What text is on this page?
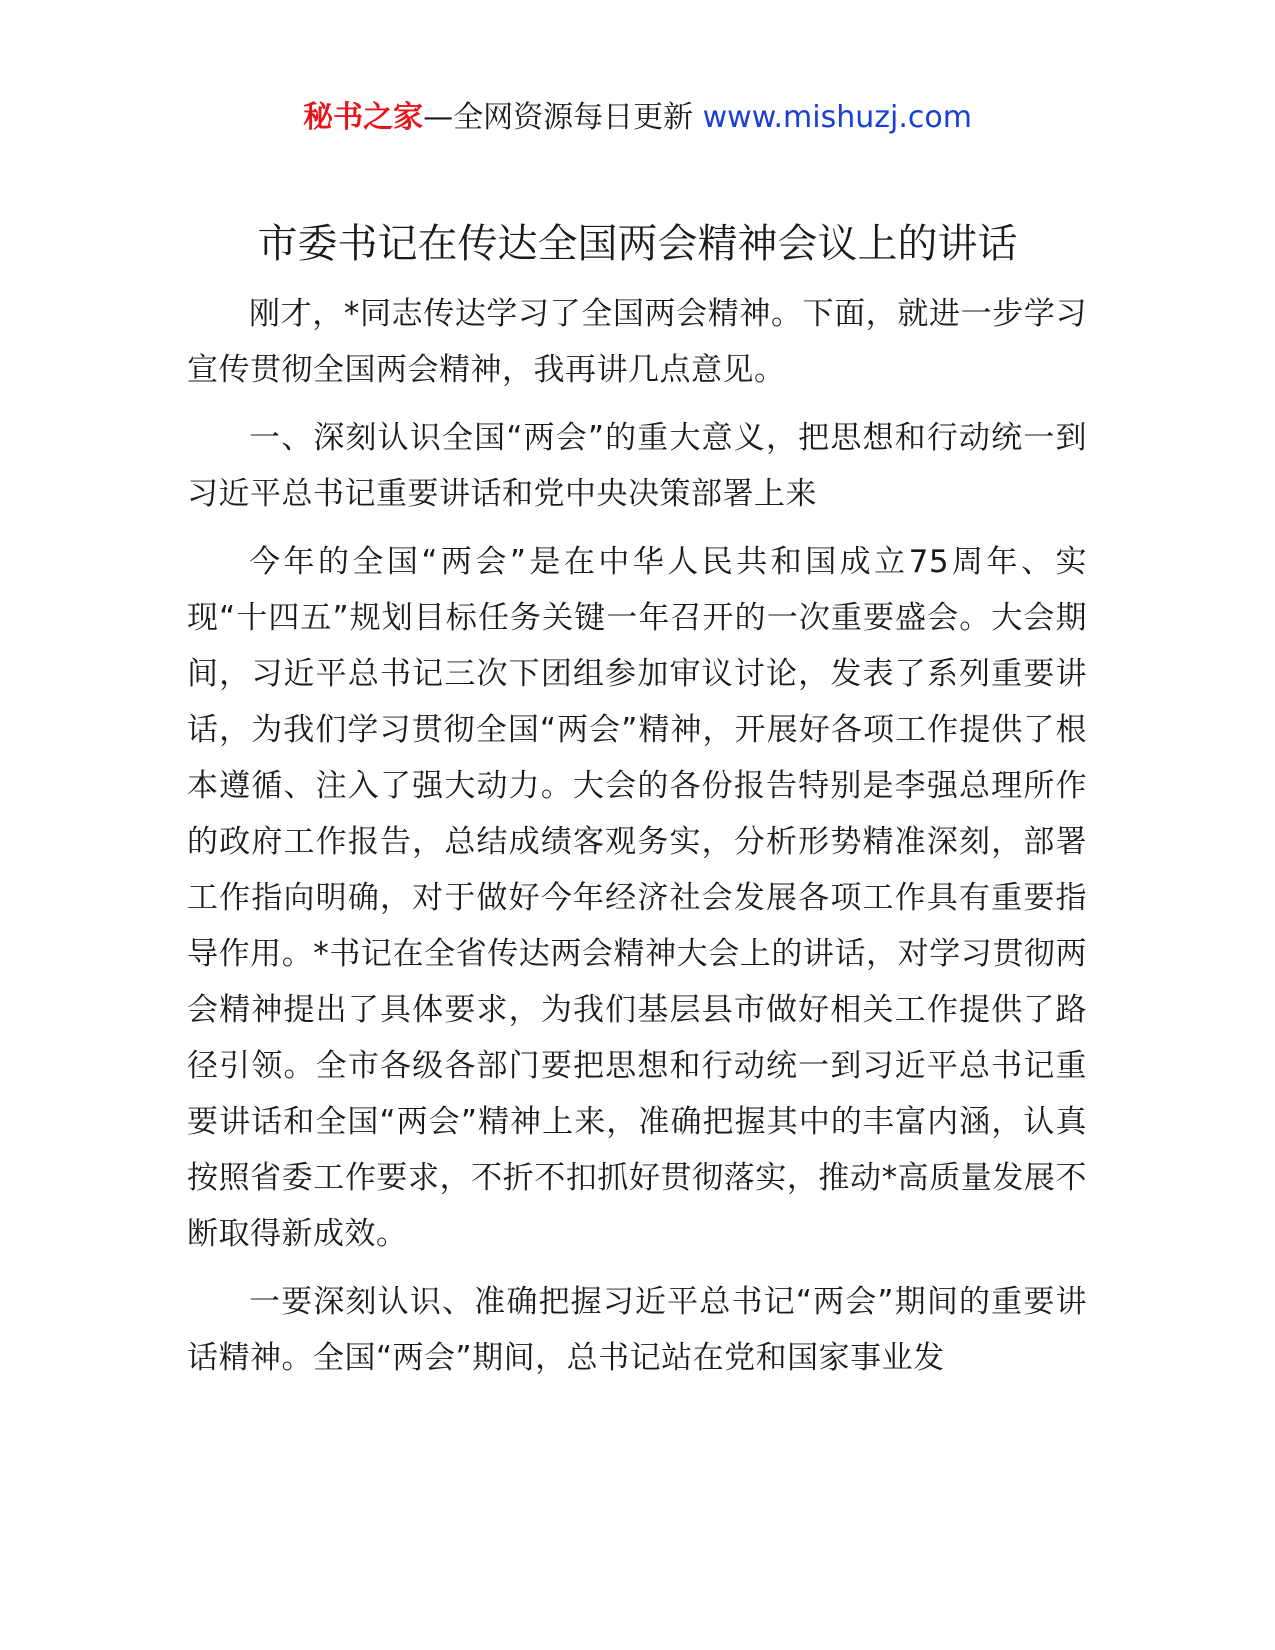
秘书之家—全网资源每日更新 www.mishuzj.com
市委书记在传达全国两会精神会议上的讲话

刚才，*同志传达学习了全国两会精神。下面，就进一步学习宣传贯彻全国两会精神，我再讲几点意见。

一、深刻认识全国“两会”的重大意义，把思想和行动统一到习近平总书记重要讲话和党中央决策部署上来

今年的全国“两会”是在中华人民共和国成立75周年、实现“十四五”规划目标任务关键一年召开的一次重要盛会。大会期间，习近平总书记三次下团组参加审议讨论，发表了系列重要讲话，为我们学习贯彻全国“两会”精神，开展好各项工作提供了根本遵循、注入了强大动力。大会的各份报告特别是李强总理所作的政府工作报告，总结成绩客观务实，分析形势精准深刻，部署工作指向明确，对于做好今年经济社会发展各项工作具有重要指导作用。*书记在全省传达两会精神大会上的讲话，对学习贯彻两会精神提出了具体要求，为我们基层县市做好相关工作提供了路径引领。全市各级各部门要把思想和行动统一到习近平总书记重要讲话和全国“两会”精神上来，准确把握其中的丰富内涵，认真按照省委工作要求，不折不扣抓好贯彻落实，推动*高质量发展不断取得新成效。

一要深刻认识、准确把握习近平总书记“两会”期间的重要讲话精神。全国“两会”期间，总书记站在党和国家事业发
